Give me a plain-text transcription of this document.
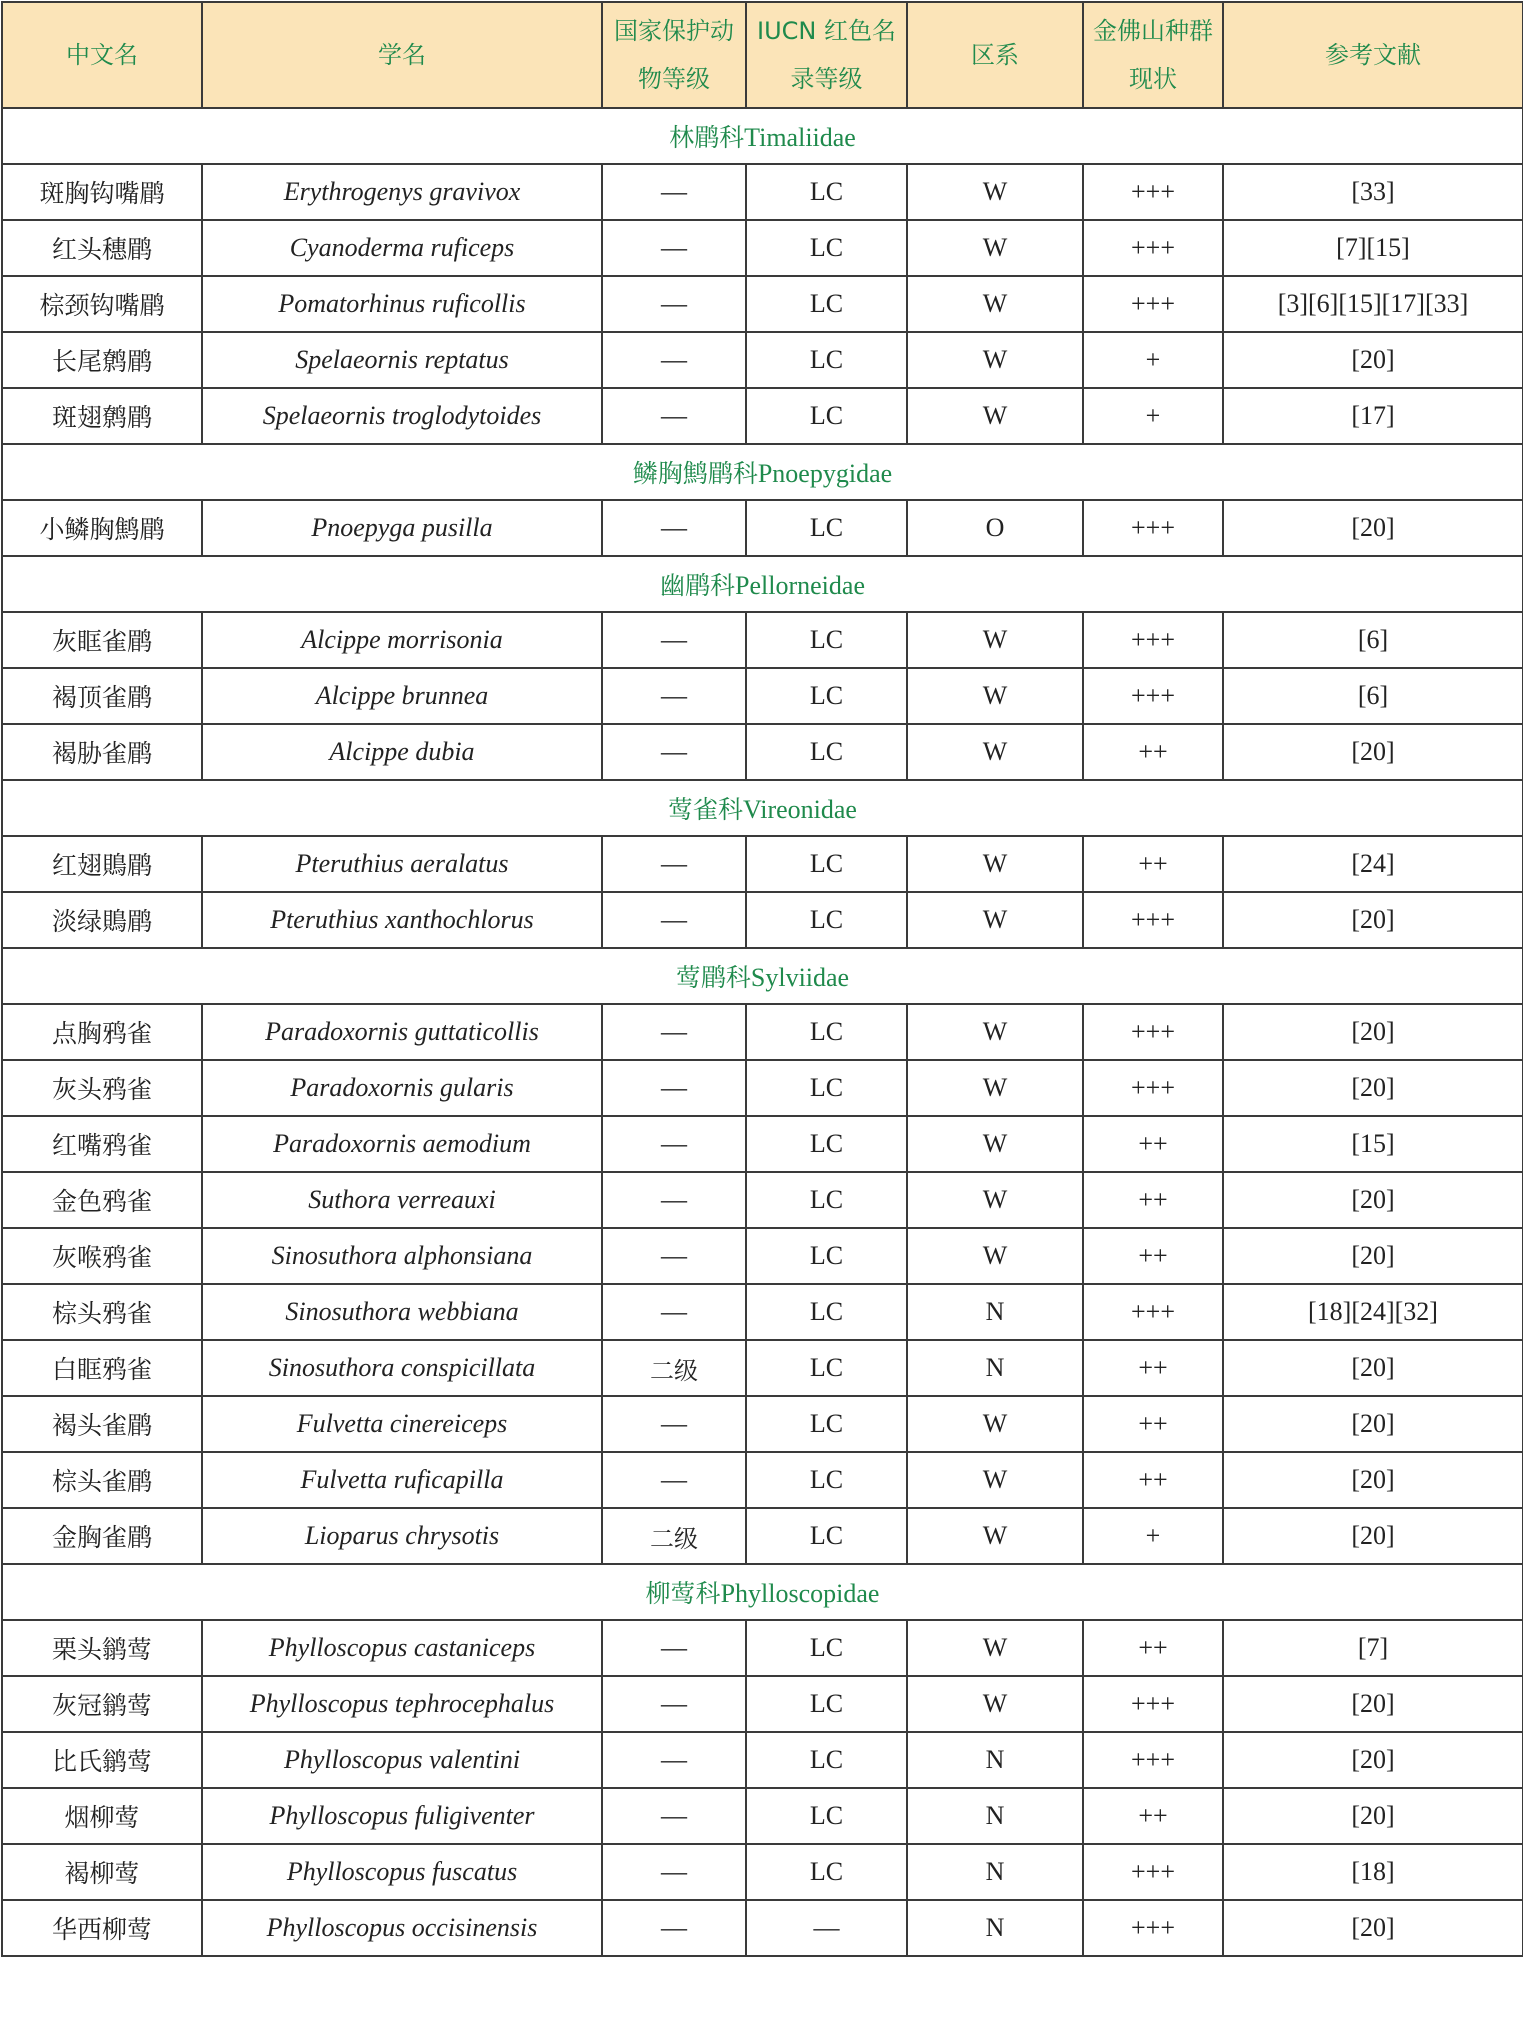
中文名	学名	国家保护动物等级	IUCN 红色名录等级	区系	金佛山种群现状	参考文献
林鹛科Timaliidae						
斑胸钩嘴鹛	Erythrogenys gravivox	—	LC	W	+++	[33]
红头穗鹛	Cyanoderma ruficeps	—	LC	W	+++	[7][15]
棕颈钩嘴鹛	Pomatorhinus ruficollis	—	LC	W	+++	[3][6][15][17][33]
长尾鹩鹛	Spelaeornis reptatus	—	LC	W	+	[20]
斑翅鹩鹛	Spelaeornis troglodytoides	—	LC	W	+	[17]
鳞胸鹪鹛科Pnoepygidae						
小鳞胸鹪鹛	Pnoepyga pusilla	—	LC	O	+++	[20]
幽鹛科Pellorneidae						
灰眶雀鹛	Alcippe morrisonia	—	LC	W	+++	[6]
褐顶雀鹛	Alcippe brunnea	—	LC	W	+++	[6]
褐胁雀鹛	Alcippe dubia	—	LC	W	++	[20]
莺雀科Vireonidae						
红翅鵙鹛	Pteruthius aeralatus	—	LC	W	++	[24]
淡绿鵙鹛	Pteruthius xanthochlorus	—	LC	W	+++	[20]
莺鹛科Sylviidae						
点胸鸦雀	Paradoxornis guttaticollis	—	LC	W	+++	[20]
灰头鸦雀	Paradoxornis gularis	—	LC	W	+++	[20]
红嘴鸦雀	Paradoxornis aemodium	—	LC	W	++	[15]
金色鸦雀	Suthora verreauxi	—	LC	W	++	[20]
灰喉鸦雀	Sinosuthora alphonsiana	—	LC	W	++	[20]
棕头鸦雀	Sinosuthora webbiana	—	LC	N	+++	[18][24][32]
白眶鸦雀	Sinosuthora conspicillata	二级	LC	N	++	[20]
褐头雀鹛	Fulvetta cinereiceps	—	LC	W	++	[20]
棕头雀鹛	Fulvetta ruficapilla	—	LC	W	++	[20]
金胸雀鹛	Lioparus chrysotis	二级	LC	W	+	[20]
柳莺科Phylloscopidae						
栗头鹟莺	Phylloscopus castaniceps	—	LC	W	++	[7]
灰冠鹟莺	Phylloscopus tephrocephalus	—	LC	W	+++	[20]
比氏鹟莺	Phylloscopus valentini	—	LC	N	+++	[20]
烟柳莺	Phylloscopus fuligiventer	—	LC	N	++	[20]
褐柳莺	Phylloscopus fuscatus	—	LC	N	+++	[18]
华西柳莺	Phylloscopus occisinensis	—	—	N	+++	[20]
